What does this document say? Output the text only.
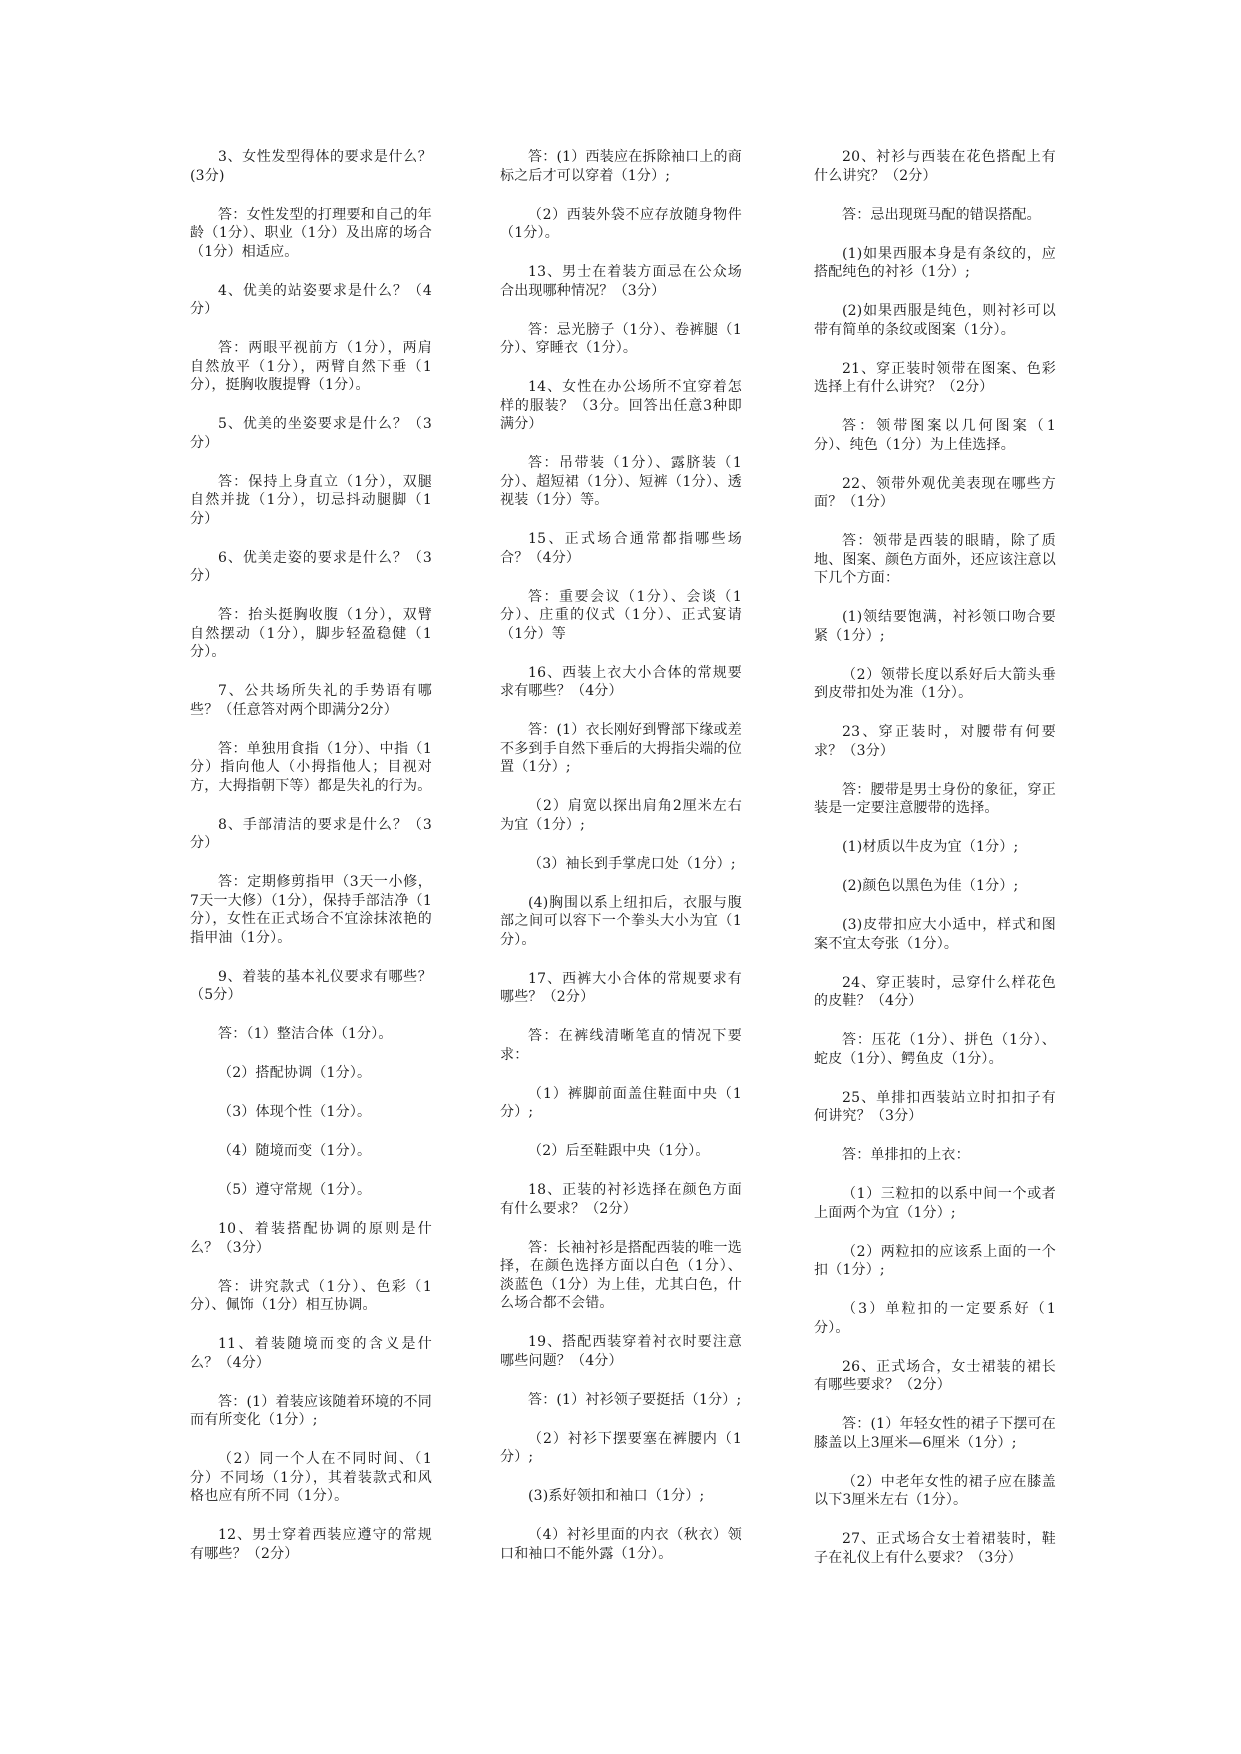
3、女性发型得体的要求是什么？(3分)

答：女性发型的打理要和自己的年龄（1分）、职业（1分）及出席的场合（1分）相适应。

4、优美的站姿要求是什么？（4分）

答：两眼平视前方（1分），两肩自然放平（1分），两臂自然下垂（1分），挺胸收腹提臀（1分）。

5、优美的坐姿要求是什么？（3分）

答：保持上身直立（1分），双腿自然并拢（1分），切忌抖动腿脚（1分）

6、优美走姿的要求是什么？（3分）

答：抬头挺胸收腹（1分），双臂自然摆动（1分），脚步轻盈稳健（1分）。

7、公共场所失礼的手势语有哪些？（任意答对两个即满分2分）

答：单独用食指（1分）、中指（1分）指向他人（小拇指他人；目视对方，大拇指朝下等）都是失礼的行为。

8、手部清洁的要求是什么？（3分）

答：定期修剪指甲（3天一小修，7天一大修）（1分），保持手部洁净（1分），女性在正式场合不宜涂抹浓艳的指甲油（1分）。

9、着装的基本礼仪要求有哪些？（5分）

答：（1）整洁合体（1分）。

（2）搭配协调（1分）。

（3）体现个性（1分）。

（4）随境而变（1分）。

（5）遵守常规（1分）。

10、着装搭配协调的原则是什么？（3分）

答：讲究款式（1分）、色彩（1分）、佩饰（1分）相互协调。

11、着装随境而变的含义是什么？（4分）

答：(1）着装应该随着环境的不同而有所变化（1分）;

（2）同一个人在不同时间、（1分）不同场（1分），其着装款式和风格也应有所不同（1分）。

12、男士穿着西装应遵守的常规有哪些？（2分）

答：(1）西装应在拆除袖口上的商标之后才可以穿着（1分）;

（2）西装外袋不应存放随身物件（1分）。

13、男士在着装方面忌在公众场合出现哪种情况？（3分）

答：忌光膀子（1分）、卷裤腿（1分）、穿睡衣（1分）。

14、女性在办公场所不宜穿着怎样的服装？（3分。回答出任意3种即满分）

答：吊带装（1分）、露脐装（1分）、超短裙（1分）、短裤（1分）、透视装（1分）等。

15、正式场合通常都指哪些场合？（4分）

答：重要会议（1分）、会谈（1分）、庄重的仪式（1分）、正式宴请（1分）等

16、西装上衣大小合体的常规要求有哪些？（4分）

答：(1）衣长刚好到臀部下缘或差不多到手自然下垂后的大拇指尖端的位置（1分）;

（2）肩宽以探出肩角2厘米左右为宜（1分）;

（3）袖长到手掌虎口处（1分）;

(4)胸围以系上纽扣后，衣服与腹部之间可以容下一个拳头大小为宜（1分）。

17、西裤大小合体的常规要求有哪些？（2分）

答：在裤线清晰笔直的情况下要求：

（1）裤脚前面盖住鞋面中央（1分）;

（2）后至鞋跟中央（1分）。

18、正装的衬衫选择在颜色方面有什么要求？（2分）

答：长袖衬衫是搭配西装的唯一选择，在颜色选择方面以白色（1分）、淡蓝色（1分）为上佳，尤其白色，什么场合都不会错。

19、搭配西装穿着衬衣时要注意哪些问题？（4分）

答：(1）衬衫领子要挺括（1分）;

（2）衬衫下摆要塞在裤腰内（1分）;

(3)系好领扣和袖口（1分）;

（4）衬衫里面的内衣（秋衣）领口和袖口不能外露（1分）。

20、衬衫与西装在花色搭配上有什么讲究？（2分）

答：忌出现斑马配的错误搭配。

(1)如果西服本身是有条纹的，应搭配纯色的衬衫（1分）;

(2)如果西服是纯色，则衬衫可以带有简单的条纹或图案（1分）。

21、穿正装时领带在图案、色彩选择上有什么讲究？（2分）

答：领带图案以几何图案（1分）、纯色（1分）为上佳选择。

22、领带外观优美表现在哪些方面？（1分）

答：领带是西装的眼睛，除了质地、图案、颜色方面外，还应该注意以下几个方面：

(1)领结要饱满，衬衫领口吻合要紧（1分）;

（2）领带长度以系好后大箭头垂到皮带扣处为准（1分）。

23、穿正装时，对腰带有何要求？（3分）

答：腰带是男士身份的象征，穿正装是一定要注意腰带的选择。

(1)材质以牛皮为宜（1分）;

(2)颜色以黑色为佳（1分）;

(3)皮带扣应大小适中，样式和图案不宜太夸张（1分）。

24、穿正装时，忌穿什么样花色的皮鞋？（4分）

答：压花（1分）、拼色（1分）、蛇皮（1分）、鳄鱼皮（1分）。

25、单排扣西装站立时扣扣子有何讲究？（3分）

答：单排扣的上衣：

（1）三粒扣的以系中间一个或者上面两个为宜（1分）;

（2）两粒扣的应该系上面的一个扣（1分）;

（3）单粒扣的一定要系好（1分）。

26、正式场合，女士裙装的裙长有哪些要求？（2分）

答：(1）年轻女性的裙子下摆可在膝盖以上3厘米—6厘米（1分）;

（2）中老年女性的裙子应在膝盖以下3厘米左右（1分）。

27、正式场合女士着裙装时，鞋子在礼仪上有什么要求？（3分）
